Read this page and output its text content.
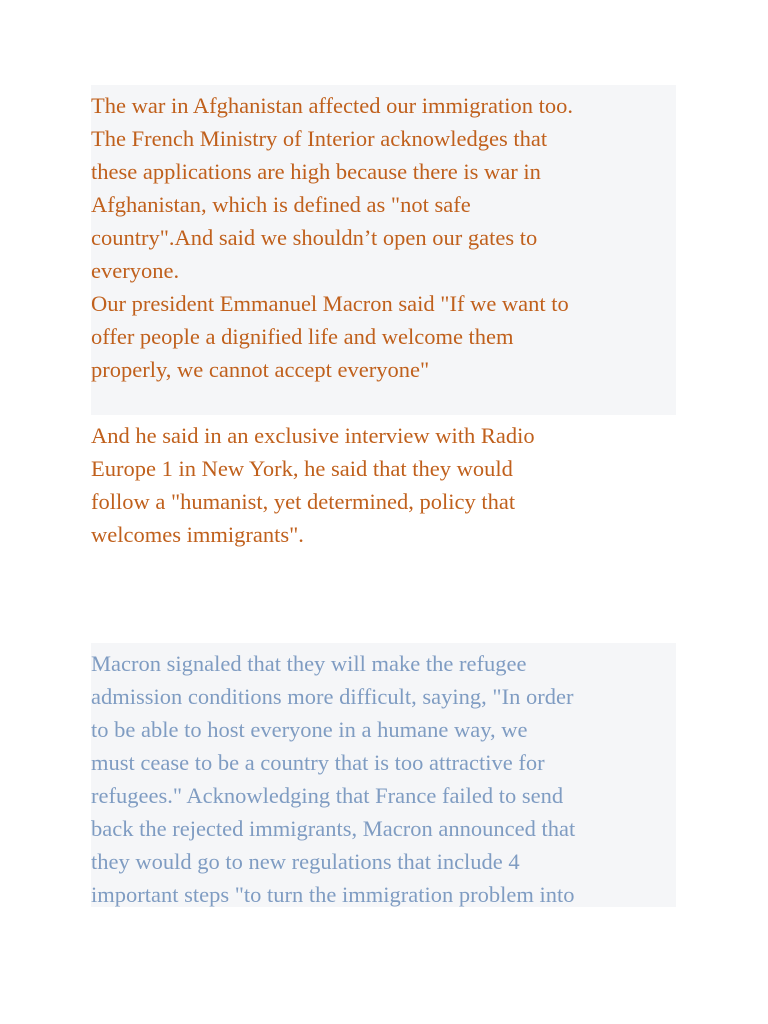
The war in Afghanistan affected our immigration too.
The French Ministry of Interior acknowledges that
these applications are high because there is war in
Afghanistan, which is defined as "not safe
country".And said we shouldn’t open our gates to
everyone.
Our president Emmanuel Macron said "If we want to
offer people a dignified life and welcome them
properly, we cannot accept everyone"

And he said in an exclusive interview with Radio
Europe 1 in New York, he said that they would
follow a "humanist, yet determined, policy that
welcomes immigrants".

Macron signaled that they will make the refugee
admission conditions more difficult, saying, "In order
to be able to host everyone in a humane way, we
must cease to be a country that is too attractive for
refugees." Acknowledging that France failed to send
back the rejected immigrants, Macron announced that
they would go to new regulations that include 4
important steps "to turn the immigration problem into
